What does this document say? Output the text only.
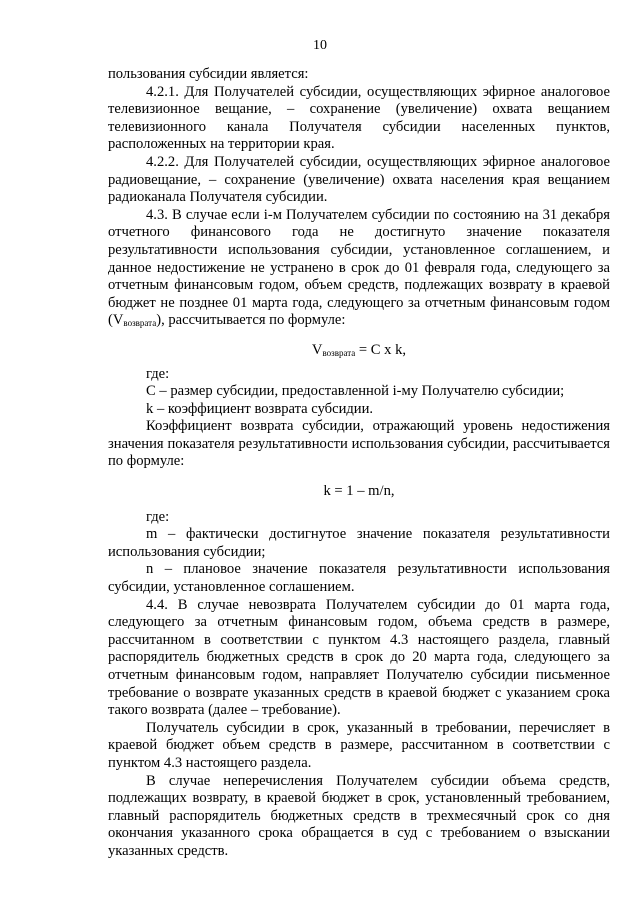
10

пользования субсидии является:

4.2.1. Для Получателей субсидии, осуществляющих эфирное аналоговое телевизионное вещание, – сохранение (увеличение) охвата вещанием телевизионного канала Получателя субсидии населенных пунктов, расположенных на территории края.

4.2.2. Для Получателей субсидии, осуществляющих эфирное аналоговое радиовещание, – сохранение (увеличение) охвата населения края вещанием радиоканала Получателя субсидии.

4.3. В случае если i-м Получателем субсидии по состоянию на 31 декабря отчетного финансового года не достигнуто значение показателя результативности использования субсидии, установленное соглашением, и данное недостижение не устранено в срок до 01 февраля года, следующего за отчетным финансовым годом, объем средств, подлежащих возврату в краевой бюджет не позднее 01 марта года, следующего за отчетным финансовым годом $(V_{возврата})$, рассчитывается по формуле:

$V_{возврата} = C$ x k,

где:

C – размер субсидии, предоставленной i-му Получателю субсидии;

k – коэффициент возврата субсидии.

Коэффициент возврата субсидии, отражающий уровень недостижения значения показателя результативности использования субсидии, рассчитывается по формуле:

k = 1 – m/n,

где:

m – фактически достигнутое значение показателя результативности использования субсидии;

n – плановое значение показателя результативности использования субсидии, установленное соглашением.

4.4. В случае невозврата Получателем субсидии до 01 марта года, следующего за отчетным финансовым годом, объема средств в размере, рассчитанном в соответствии с пунктом 4.3 настоящего раздела, главный распорядитель бюджетных средств в срок до 20 марта года, следующего за отчетным финансовым годом, направляет Получателю субсидии письменное требование о возврате указанных средств в краевой бюджет с указанием срока такого возврата (далее – требование).

Получатель субсидии в срок, указанный в требовании, перечисляет в краевой бюджет объем средств в размере, рассчитанном в соответствии с пунктом 4.3 настоящего раздела.

В случае неперечисления Получателем субсидии объема средств, подлежащих возврату, в краевой бюджет в срок, установленный требованием, главный распорядитель бюджетных средств в трехмесячный срок со дня окончания указанного срока обращается в суд с требованием о взыскании указанных средств.
